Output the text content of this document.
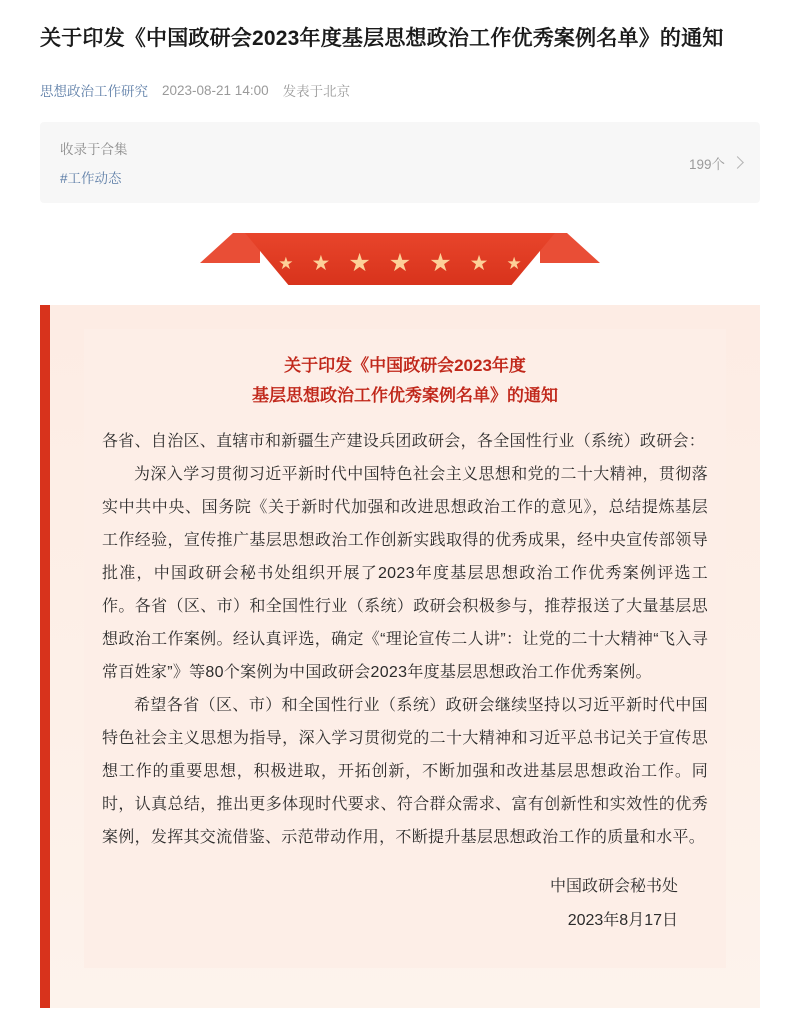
关于印发《中国政研会2023年度基层思想政治工作优秀案例名单》的通知
思想政治工作研究 2023-08-21 14:00 发表于北京
收录于合集
#工作动态
199个
★ ★ ★ ★ ★ ★ ★
关于印发《中国政研会2023年度
基层思想政治工作优秀案例名单》的通知

各省、自治区、直辖市和新疆生产建设兵团政研会，各全国性行业（系统）政研会：

为深入学习贯彻习近平新时代中国特色社会主义思想和党的二十大精神，贯彻落实中共中央、国务院《关于新时代加强和改进思想政治工作的意见》，总结提炼基层工作经验，宣传推广基层思想政治工作创新实践取得的优秀成果，经中央宣传部领导批准，中国政研会秘书处组织开展了2023年度基层思想政治工作优秀案例评选工作。各省（区、市）和全国性行业（系统）政研会积极参与，推荐报送了大量基层思想政治工作案例。经认真评选，确定《“理论宣传二人讲”：让党的二十大精神“飞入寻常百姓家”》等80个案例为中国政研会2023年度基层思想政治工作优秀案例。

希望各省（区、市）和全国性行业（系统）政研会继续坚持以习近平新时代中国特色社会主义思想为指导，深入学习贯彻党的二十大精神和习近平总书记关于宣传思想工作的重要思想，积极进取，开拓创新，不断加强和改进基层思想政治工作。同时，认真总结，推出更多体现时代要求、符合群众需求、富有创新性和实效性的优秀案例，发挥其交流借鉴、示范带动作用，不断提升基层思想政治工作的质量和水平。

中国政研会秘书处
2023年8月17日
